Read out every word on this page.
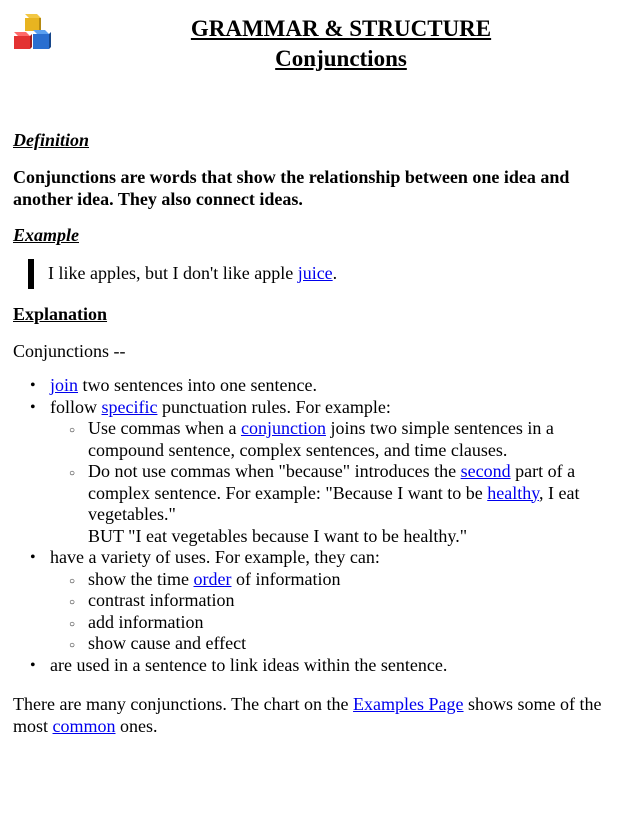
GRAMMAR & STRUCTURE
Conjunctions
Definition
Conjunctions are words that show the relationship between one idea and another idea. They also connect ideas.
Example
I like apples, but I don't like apple juice.
Explanation
Conjunctions --
• join two sentences into one sentence.
• follow specific punctuation rules. For example:
○ Use commas when a conjunction joins two simple sentences in a compound sentence, complex sentences, and time clauses.
○ Do not use commas when "because" introduces the second part of a complex sentence. For example: "Because I want to be healthy, I eat vegetables."
BUT "I eat vegetables because I want to be healthy."
• have a variety of uses. For example, they can:
○ show the time order of information
○ contrast information
○ add information
○ show cause and effect
• are used in a sentence to link ideas within the sentence.
There are many conjunctions. The chart on the Examples Page shows some of the most common ones.
